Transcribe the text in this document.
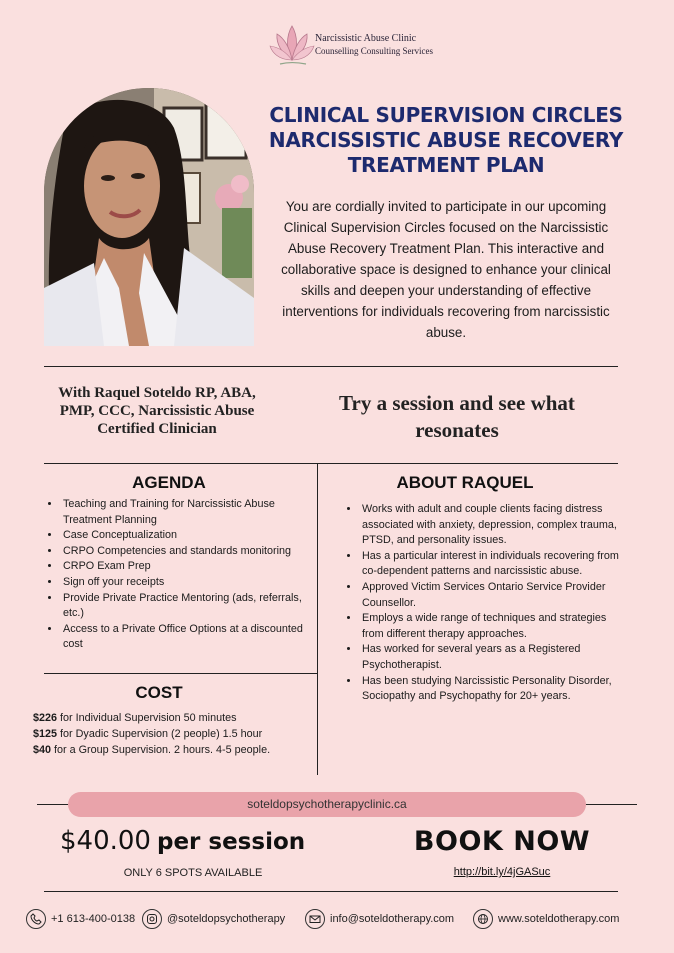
Narcissistic Abuse Clinic
Counselling Consulting Services
CLINICAL SUPERVISION CIRCLES NARCISSISTIC ABUSE RECOVERY TREATMENT PLAN
You are cordially invited to participate in our upcoming Clinical Supervision Circles focused on the Narcissistic Abuse Recovery Treatment Plan. This interactive and collaborative space is designed to enhance your clinical skills and deepen your understanding of effective interventions for individuals recovering from narcissistic abuse.
With Raquel Soteldo RP, ABA, PMP, CCC, Narcissistic Abuse Certified Clinician
Try a session and see what resonates
AGENDA
• Teaching and Training for Narcissistic Abuse Treatment Planning
• Case Conceptualization
• CRPO Competencies and standards monitoring
• CRPO Exam Prep
• Sign off your receipts
• Provide Private Practice Mentoring (ads, referrals, etc.)
• Access to a Private Office Options at a discounted cost
COST
$226 for Individual Supervision 50 minutes
$125 for Dyadic Supervision (2 people) 1.5 hour
$40 for a Group Supervision. 2 hours. 4-5 people.
ABOUT RAQUEL
• Works with adult and couple clients facing distress associated with anxiety, depression, complex trauma, PTSD, and personality issues.
• Has a particular interest in individuals recovering from co-dependent patterns and narcissistic abuse.
• Approved Victim Services Ontario Service Provider Counsellor.
• Employs a wide range of techniques and strategies from different therapy approaches.
• Has worked for several years as a Registered Psychotherapist.
• Has been studying Narcissistic Personality Disorder, Sociopathy and Psychopathy for 20+ years.
soteldopsychotherapyclinic.ca
$40.00 per session
ONLY 6 SPOTS AVAILABLE
BOOK NOW
http://bit.ly/4jGASuc
+1 613-400-0138	@soteldopsychotherapy	info@soteldotherapy.com	www.soteldotherapy.com
